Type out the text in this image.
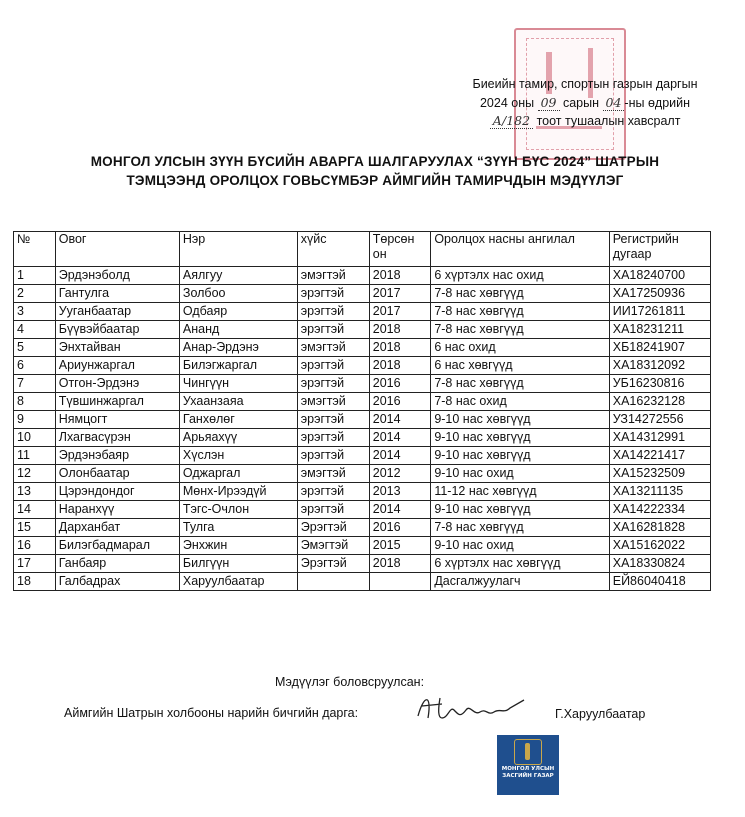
Биеийн тамир, спортын газрын даргын
2024 оны 09 сарын 04 -ны өдрийн
А/182 тоот тушаалын хавсралт
МОНГОЛ УЛСЫН ЗҮҮН БҮСИЙН АВАРГА ШАЛГАРУУЛАХ “ЗҮҮН БҮС 2024” ШАТРЫН
ТЭМЦЭЭНД ОРОЛЦОХ ГОВЬСҮМБЭР АЙМГИЙН ТАМИРЧДЫН МЭДҮҮЛЭГ
№	Овог	Нэр	хүйс	Төрсөн он	Оролцох насны ангилал	Регистрийн дугаар
1	Эрдэнэболд	Аялгуу	эмэгтэй	2018	6 хүртэлх нас охид	ХА18240700
2	Гантулга	Золбоо	эрэгтэй	2017	7-8 нас хөвгүүд	ХА17250936
3	Ууганбаатар	Одбаяр	эрэгтэй	2017	7-8 нас хөвгүүд	ИИ17261811
4	Бүүвэйбаатар	Ананд	эрэгтэй	2018	7-8 нас хөвгүүд	ХА18231211
5	Энхтайван	Анар-Эрдэнэ	эмэгтэй	2018	6 нас охид	ХБ18241907
6	Ариунжаргал	Билэгжаргал	эрэгтэй	2018	6 нас хөвгүүд	ХА18312092
7	Отгон-Эрдэнэ	Чингүүн	эрэгтэй	2016	7-8 нас хөвгүүд	УБ16230816
8	Түвшинжаргал	Ухаанзаяа	эмэгтэй	2016	7-8 нас охид	ХА16232128
9	Нямцогт	Ганхөлөг	эрэгтэй	2014	9-10 нас хөвгүүд	УЗ14272556
10	Лхагвасүрэн	Арьяахүү	эрэгтэй	2014	9-10 нас хөвгүүд	ХА14312991
11	Эрдэнэбаяр	Хүслэн	эрэгтэй	2014	9-10 нас хөвгүүд	ХА14221417
12	Олонбаатар	Оджаргал	эмэгтэй	2012	9-10 нас охид	ХА15232509
13	Цэрэндондог	Мөнх-Ирээдүй	эрэгтэй	2013	11-12 нас хөвгүүд	ХА13211135
14	Наранхүү	Тэгс-Очлон	эрэгтэй	2014	9-10 нас хөвгүүд	ХА14222334
15	Дарханбат	Тулга	Эрэгтэй	2016	7-8 нас хөвгүүд	ХА16281828
16	Билэгбадмарал	Энхжин	Эмэгтэй	2015	9-10 нас охид	ХА15162022
17	Ганбаяр	Билгүүн	Эрэгтэй	2018	6 хүртэлх нас хөвгүүд	ХА18330824
18	Галбадрах	Харуулбаатар			Дасгалжуулагч	ЕЙ86040418
Мэдүүлэг боловсруулсан:
Аймгийн Шатрын холбооны нарийн бичгийн дарга:	Г.Харуулбаатар
МОНГОЛ УЛСЫН
ЗАСГИЙН ГАЗАР
